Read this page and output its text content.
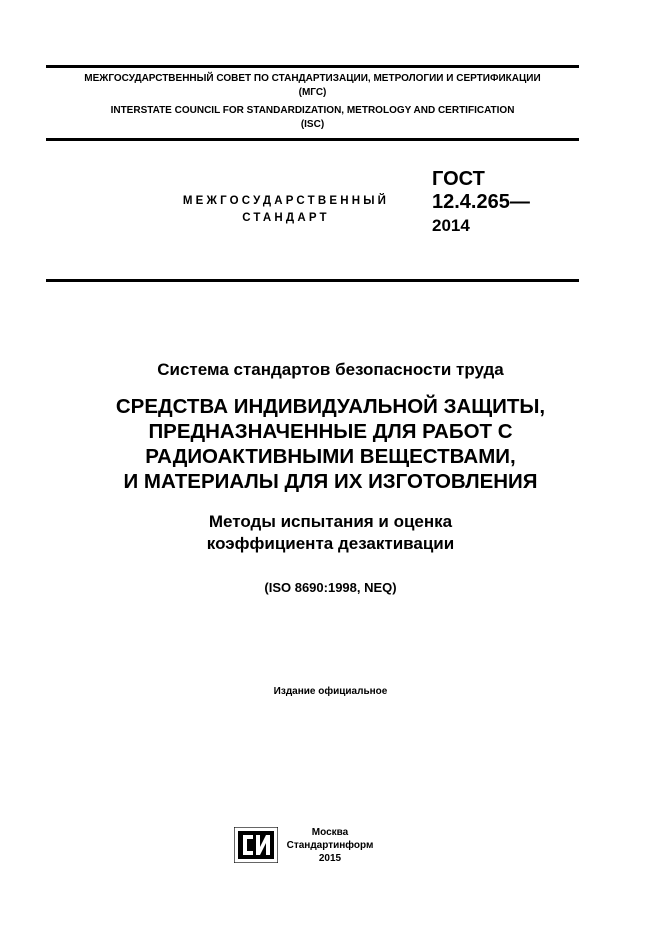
МЕЖГОСУДАРСТВЕННЫЙ СОВЕТ ПО СТАНДАРТИЗАЦИИ, МЕТРОЛОГИИ И СЕРТИФИКАЦИИ
(МГС)
INTERSTATE COUNCIL FOR STANDARDIZATION, METROLOGY AND CERTIFICATION
(ISC)
МЕЖГОСУДАРСТВЕННЫЙ
СТАНДАРТ
ГОСТ
12.4.265—
2014
Система стандартов безопасности труда
СРЕДСТВА ИНДИВИДУАЛЬНОЙ ЗАЩИТЫ,
ПРЕДНАЗНАЧЕННЫЕ ДЛЯ РАБОТ С
РАДИОАКТИВНЫМИ ВЕЩЕСТВАМИ,
И МАТЕРИАЛЫ ДЛЯ ИХ ИЗГОТОВЛЕНИЯ
Методы испытания и оценка
коэффициента дезактивации
(ISO 8690:1998, NEQ)
Издание официальное
Москва
Стандартинформ
2015
